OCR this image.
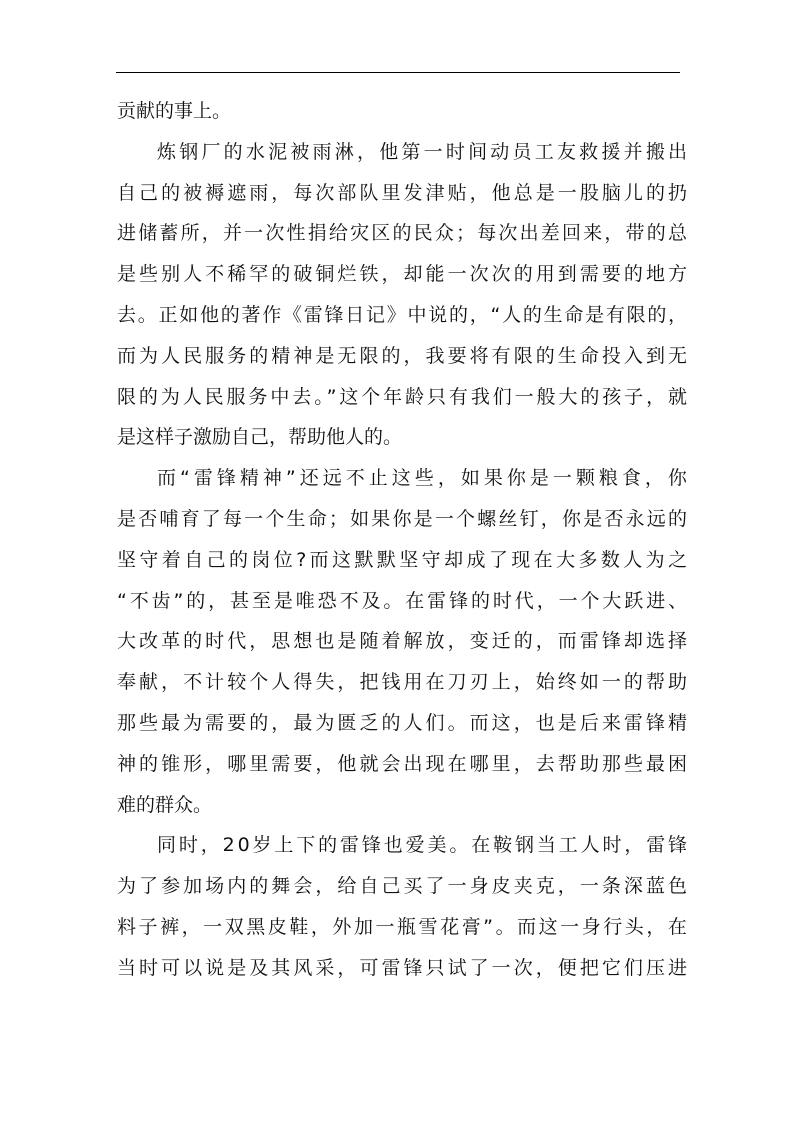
贡献的事上。
炼钢厂的水泥被雨淋，他第一时间动员工友救援并搬出
自己的被褥遮雨，每次部队里发津贴，他总是一股脑儿的扔
进储蓄所，并一次性捐给灾区的民众；每次出差回来，带的总
是些别人不稀罕的破铜烂铁，却能一次次的用到需要的地方
去。正如他的著作《雷锋日记》中说的，“人的生命是有限的，
而为人民服务的精神是无限的，我要将有限的生命投入到无
限的为人民服务中去。”这个年龄只有我们一般大的孩子，就
是这样子激励自己，帮助他人的。
而“雷锋精神”还远不止这些，如果你是一颗粮食，你
是否哺育了每一个生命；如果你是一个螺丝钉，你是否永远的
坚守着自己的岗位?而这默默坚守却成了现在大多数人为之
“不齿”的，甚至是唯恐不及。在雷锋的时代，一个大跃进、
大改革的时代，思想也是随着解放，变迁的，而雷锋却选择
奉献，不计较个人得失，把钱用在刀刃上，始终如一的帮助
那些最为需要的，最为匮乏的人们。而这，也是后来雷锋精
神的锥形，哪里需要，他就会出现在哪里，去帮助那些最困
难的群众。
同时，20岁上下的雷锋也爱美。在鞍钢当工人时，雷锋
为了参加场内的舞会，给自己买了一身皮夹克，一条深蓝色
料子裤，一双黑皮鞋，外加一瓶雪花膏”。而这一身行头，在
当时可以说是及其风采，可雷锋只试了一次，便把它们压进
